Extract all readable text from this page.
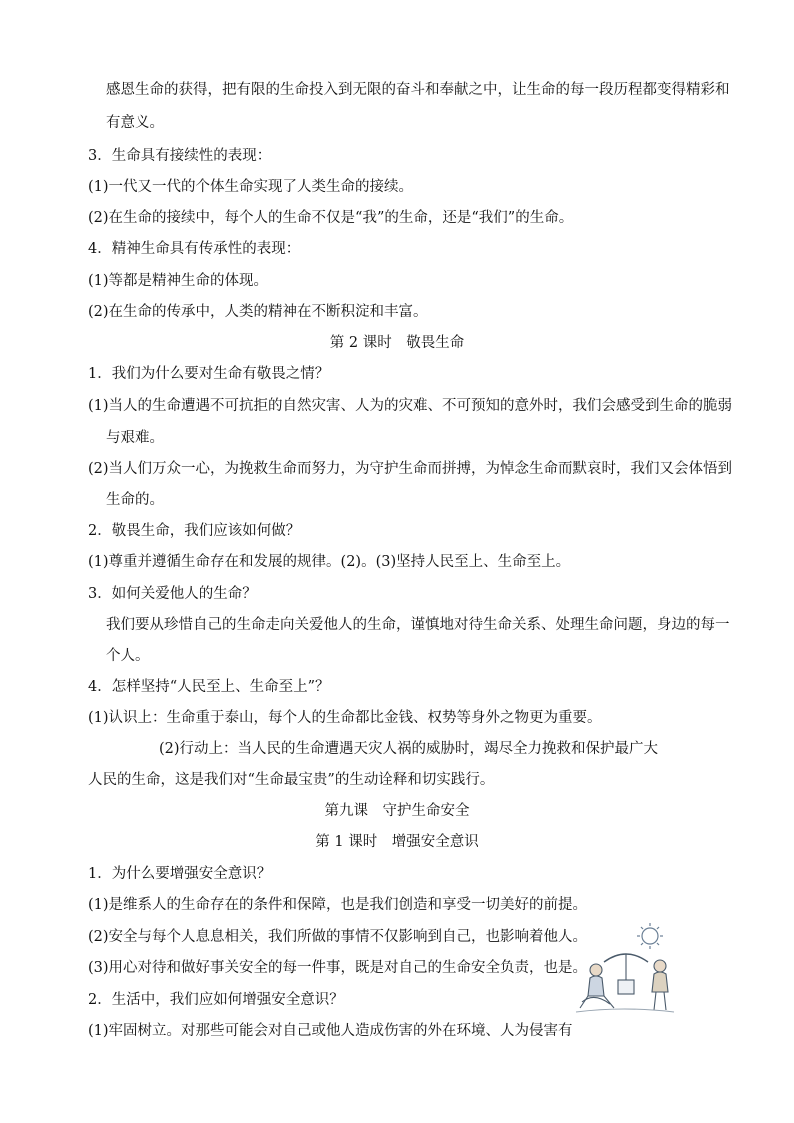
感恩生命的获得，把有限的生命投入到无限的奋斗和奉献之中，让生命的每一段历程都变得精彩和
有意义。
3．生命具有接续性的表现：
(1)一代又一代的个体生命实现了人类生命的接续。
(2)在生命的接续中，每个人的生命不仅是“我”的生命，还是“我们”的生命。
4．精神生命具有传承性的表现：
(1)等都是精神生命的体现。
(2)在生命的传承中，人类的精神在不断积淀和丰富。
第 2 课时　敬畏生命
1．我们为什么要对生命有敬畏之情？
(1)当人的生命遭遇不可抗拒的自然灾害、人为的灾难、不可预知的意外时，我们会感受到生命的脆弱
与艰难。
(2)当人们万众一心，为挽救生命而努力，为守护生命而拼搏，为悼念生命而默哀时，我们又会体悟到
生命的。
2．敬畏生命，我们应该如何做？
(1)尊重并遵循生命存在和发展的规律。(2)。(3)坚持人民至上、生命至上。
3．如何关爱他人的生命？
我们要从珍惜自己的生命走向关爱他人的生命，谨慎地对待生命关系、处理生命问题，身边的每一
个人。
4．怎样坚持“人民至上、生命至上”？
(1)认识上：生命重于泰山，每个人的生命都比金钱、权势等身外之物更为重要。
(2)行动上：当人民的生命遭遇天灾人祸的威胁时，竭尽全力挽救和保护最广大
人民的生命，这是我们对“生命最宝贵”的生动诠释和切实践行。
第九课　守护生命安全
第 1 课时　增强安全意识
1．为什么要增强安全意识？
(1)是维系人的生命存在的条件和保障，也是我们创造和享受一切美好的前提。
(2)安全与每个人息息相关，我们所做的事情不仅影响到自己，也影响着他人。
(3)用心对待和做好事关安全的每一件事，既是对自己的生命安全负责，也是。
2．生活中，我们应如何增强安全意识？
(1)牢固树立。对那些可能会对自己或他人造成伤害的外在环境、人为侵害有
